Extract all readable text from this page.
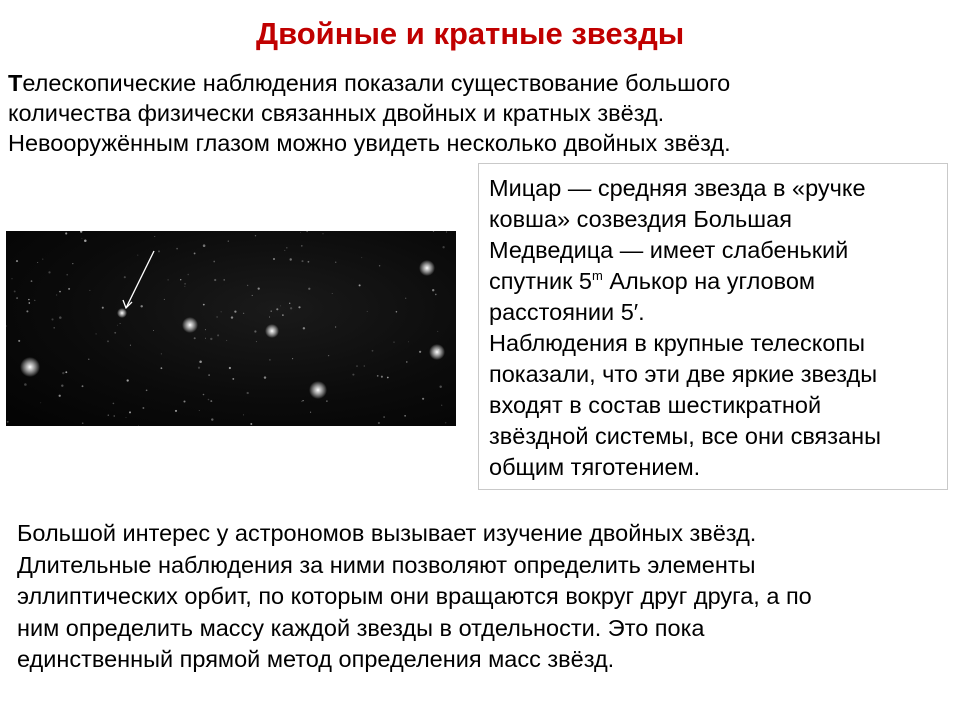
Двойные и кратные звезды
Телескопические наблюдения показали существование большого
количества физически связанных двойных и кратных звёзд.
Невооружённым глазом можно увидеть несколько двойных звёзд.
Мицар — средняя звезда в «ручке
ковша» созвездия Большая
Медведица — имеет слабенький
спутник 5$^m$ Алькор на угловом
расстоянии 5′.
Наблюдения в крупные телескопы
показали, что эти две яркие звезды
входят в состав шестикратной
звёздной системы, все они связаны
общим тяготением.
Большой интерес у астрономов вызывает изучение двойных звёзд.
Длительные наблюдения за ними позволяют определить элементы
эллиптических орбит, по которым они вращаются вокруг друг друга, а по
ним определить массу каждой звезды в отдельности. Это пока
единственный прямой метод определения масс звёзд.
